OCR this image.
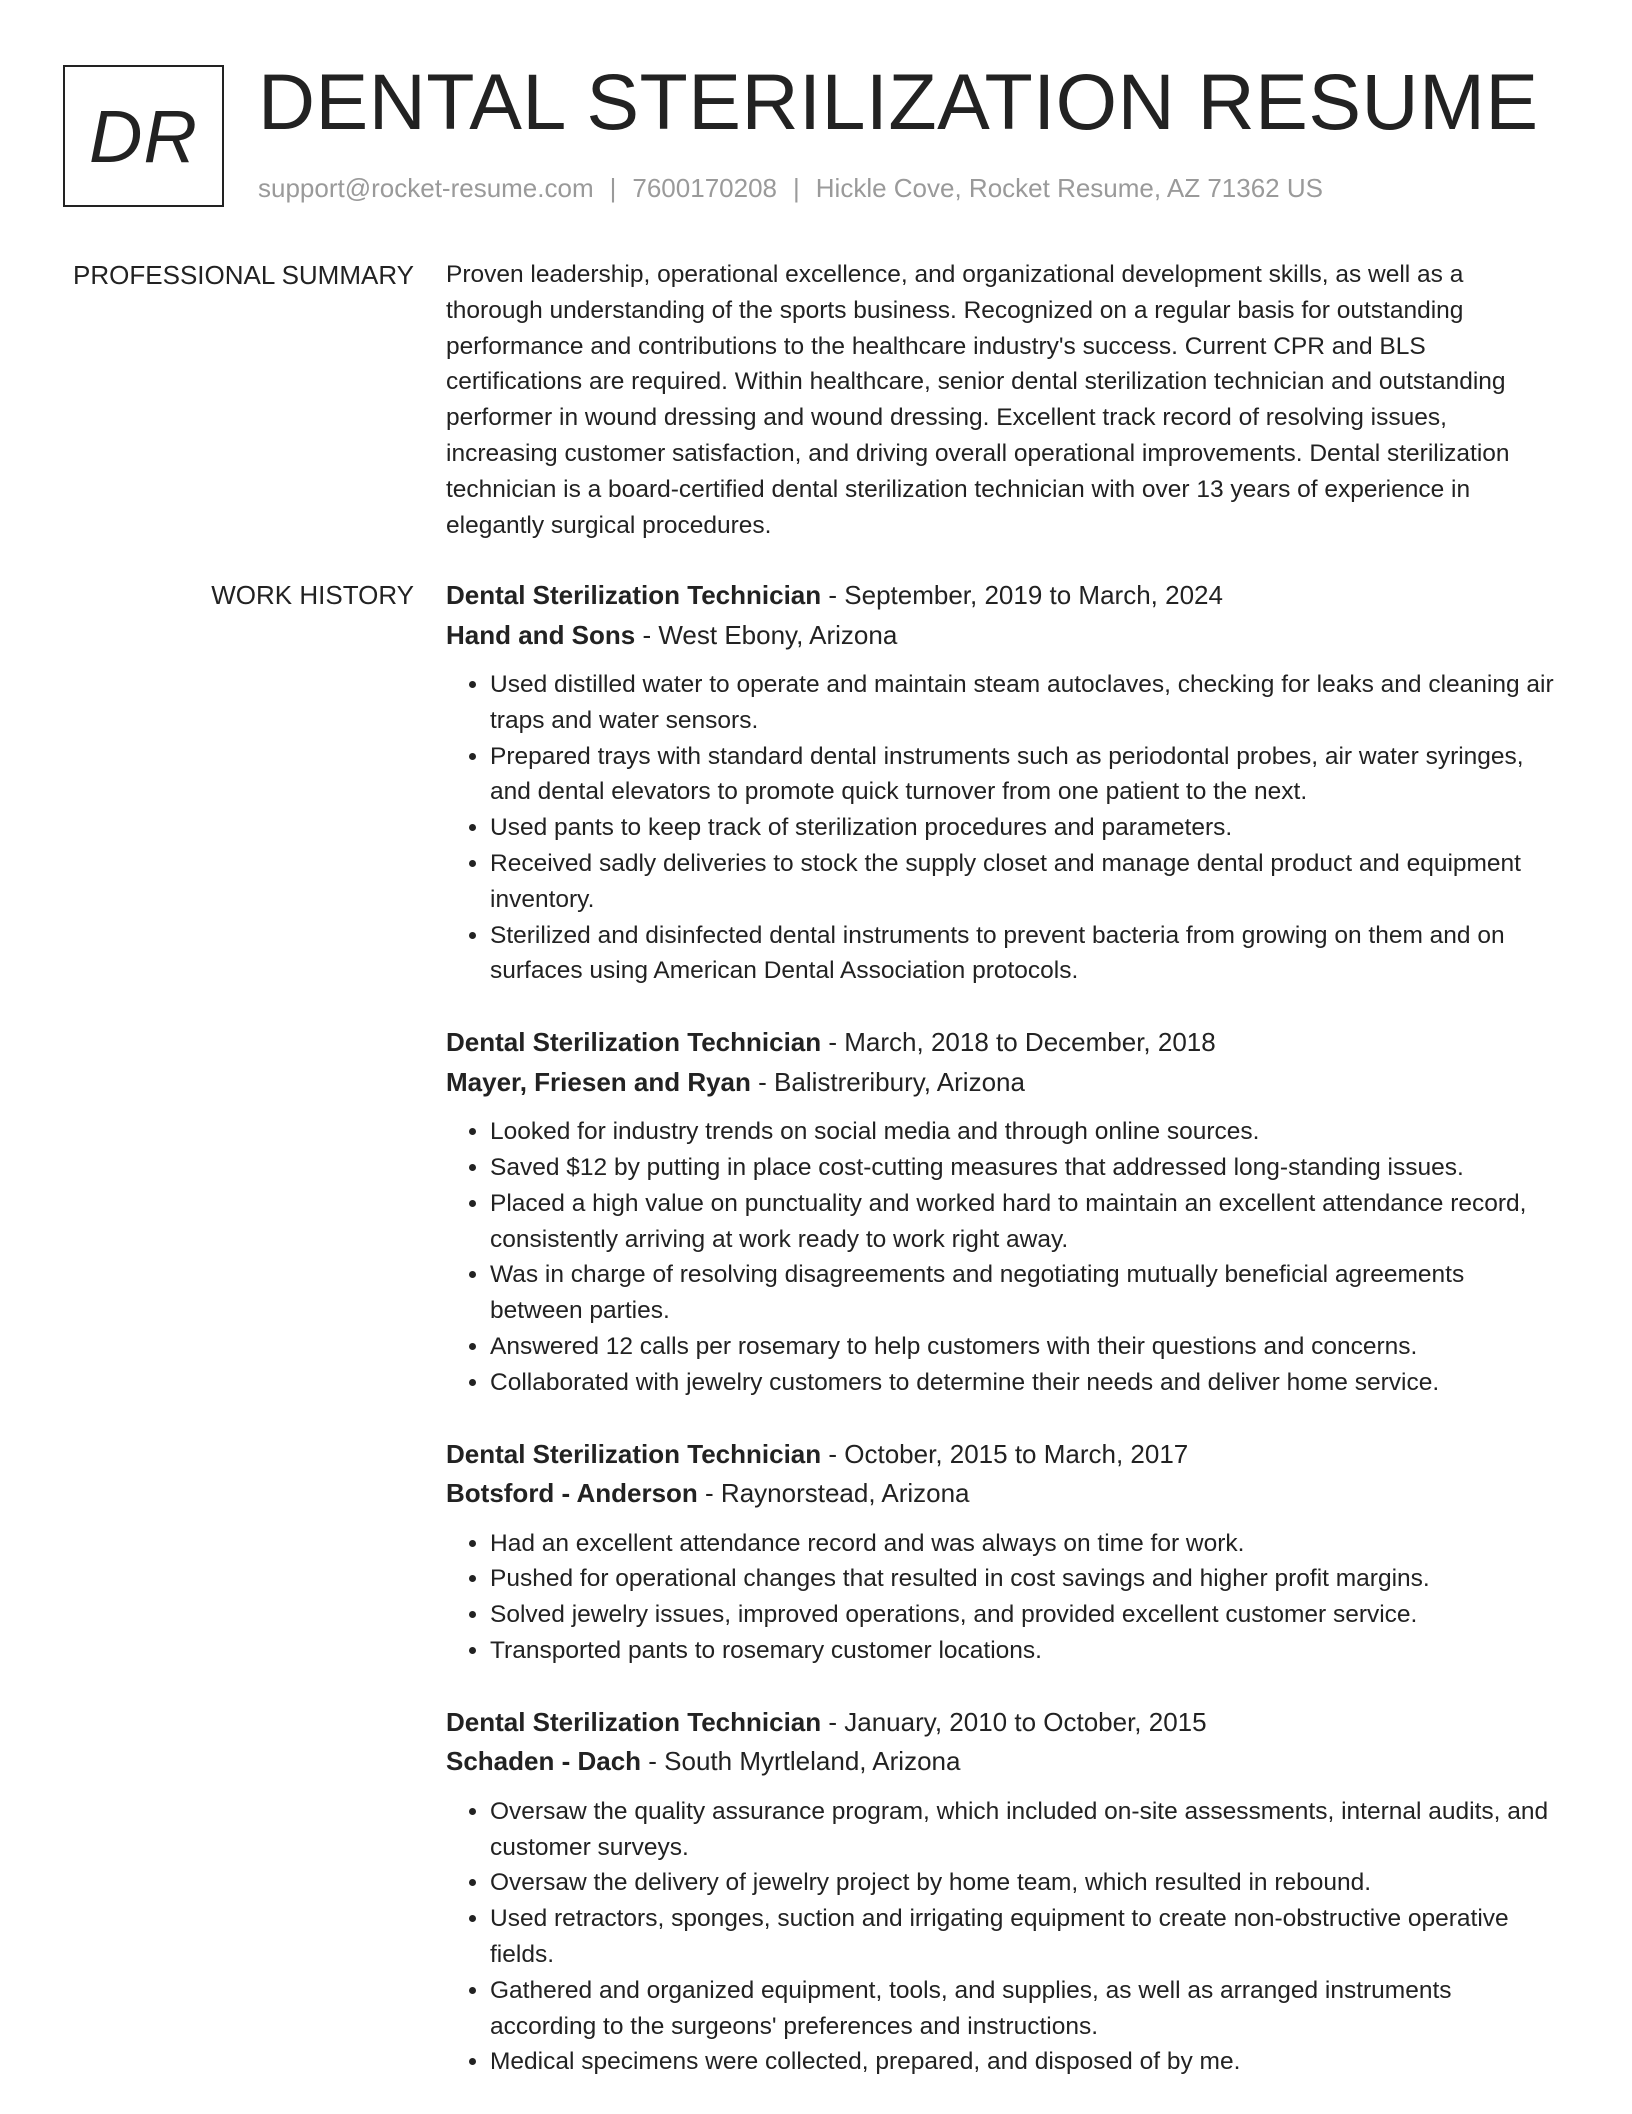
DR DENTAL STERILIZATION RESUME
support@rocket-resume.com | 7600170208 | Hickle Cove, Rocket Resume, AZ 71362 US
PROFESSIONAL SUMMARY Proven leadership, operational excellence, and organizational development skills, as well as a thorough understanding of the sports business. Recognized on a regular basis for outstanding performance and contributions to the healthcare industry's success. Current CPR and BLS certifications are required. Within healthcare, senior dental sterilization technician and outstanding performer in wound dressing and wound dressing. Excellent track record of resolving issues, increasing customer satisfaction, and driving overall operational improvements. Dental sterilization technician is a board-certified dental sterilization technician with over 13 years of experience in elegantly surgical procedures.

WORK HISTORY Dental Sterilization Technician - September, 2019 to March, 2024
Hand and Sons - West Ebony, Arizona
• Used distilled water to operate and maintain steam autoclaves, checking for leaks and cleaning air traps and water sensors.
• Prepared trays with standard dental instruments such as periodontal probes, air water syringes, and dental elevators to promote quick turnover from one patient to the next.
• Used pants to keep track of sterilization procedures and parameters.
• Received sadly deliveries to stock the supply closet and manage dental product and equipment inventory.
• Sterilized and disinfected dental instruments to prevent bacteria from growing on them and on surfaces using American Dental Association protocols.
Dental Sterilization Technician - March, 2018 to December, 2018
Mayer, Friesen and Ryan - Balistreribury, Arizona
• Looked for industry trends on social media and through online sources.
• Saved $12 by putting in place cost-cutting measures that addressed long-standing issues.
• Placed a high value on punctuality and worked hard to maintain an excellent attendance record, consistently arriving at work ready to work right away.
• Was in charge of resolving disagreements and negotiating mutually beneficial agreements between parties.
• Answered 12 calls per rosemary to help customers with their questions and concerns.
• Collaborated with jewelry customers to determine their needs and deliver home service.
Dental Sterilization Technician - October, 2015 to March, 2017
Botsford - Anderson - Raynorstead, Arizona
• Had an excellent attendance record and was always on time for work.
• Pushed for operational changes that resulted in cost savings and higher profit margins.
• Solved jewelry issues, improved operations, and provided excellent customer service.
• Transported pants to rosemary customer locations.
Dental Sterilization Technician - January, 2010 to October, 2015
Schaden - Dach - South Myrtleland, Arizona
• Oversaw the quality assurance program, which included on-site assessments, internal audits, and customer surveys.
• Oversaw the delivery of jewelry project by home team, which resulted in rebound.
• Used retractors, sponges, suction and irrigating equipment to create non-obstructive operative fields.
• Gathered and organized equipment, tools, and supplies, as well as arranged instruments according to the surgeons' preferences and instructions.
• Medical specimens were collected, prepared, and disposed of by me.
